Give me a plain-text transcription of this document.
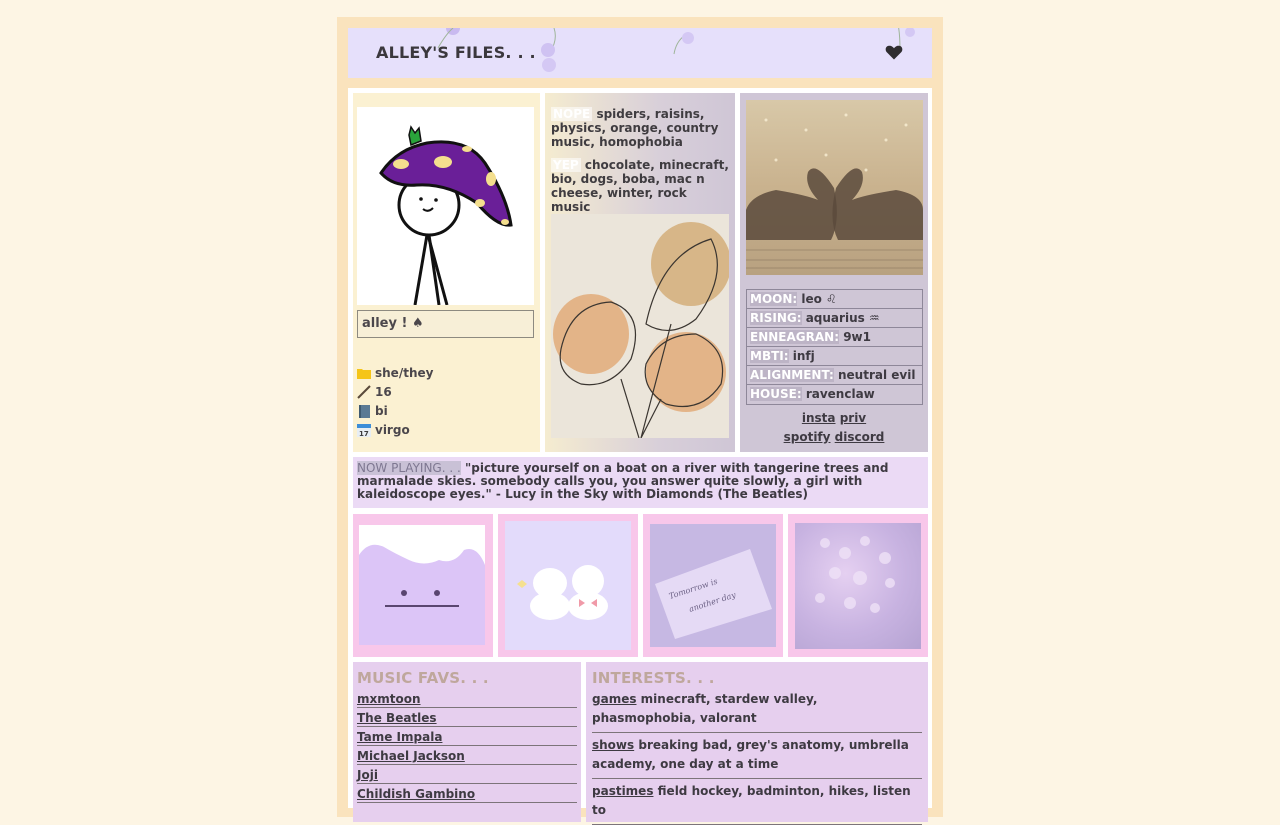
ALLEY'S FILES. . .
alley ! ♠
she/they
16
bi
17 virgo

NOPE spiders, raisins, physics, orange, country music, homophobia

YEP chocolate, minecraft, bio, dogs, boba, mac n cheese, winter, rock music

MOON: leo ♌
RISING: aquarius ♒
ENNEAGRAN: 9w1
MBTI: infj
ALIGNMENT: neutral evil
HOUSE: ravenclaw
insta priv
spotify discord
NOW PLAYING. . . "picture yourself on a boat on a river with tangerine trees and marmalade skies. somebody calls you, you answer quite slowly, a girl with kaleidoscope eyes." - Lucy in the Sky with Diamonds (The Beatles)
Tomorrow is
another day
MUSIC FAVS. . .
mxmtoon
The Beatles
Tame Impala
Michael Jackson
Joji
Childish Gambino
INTERESTS. . .
games minecraft, stardew valley, phasmophobia, valorant
shows breaking bad, grey's anatomy, umbrella academy, one day at a time
pastimes field hockey, badminton, hikes, listen to
